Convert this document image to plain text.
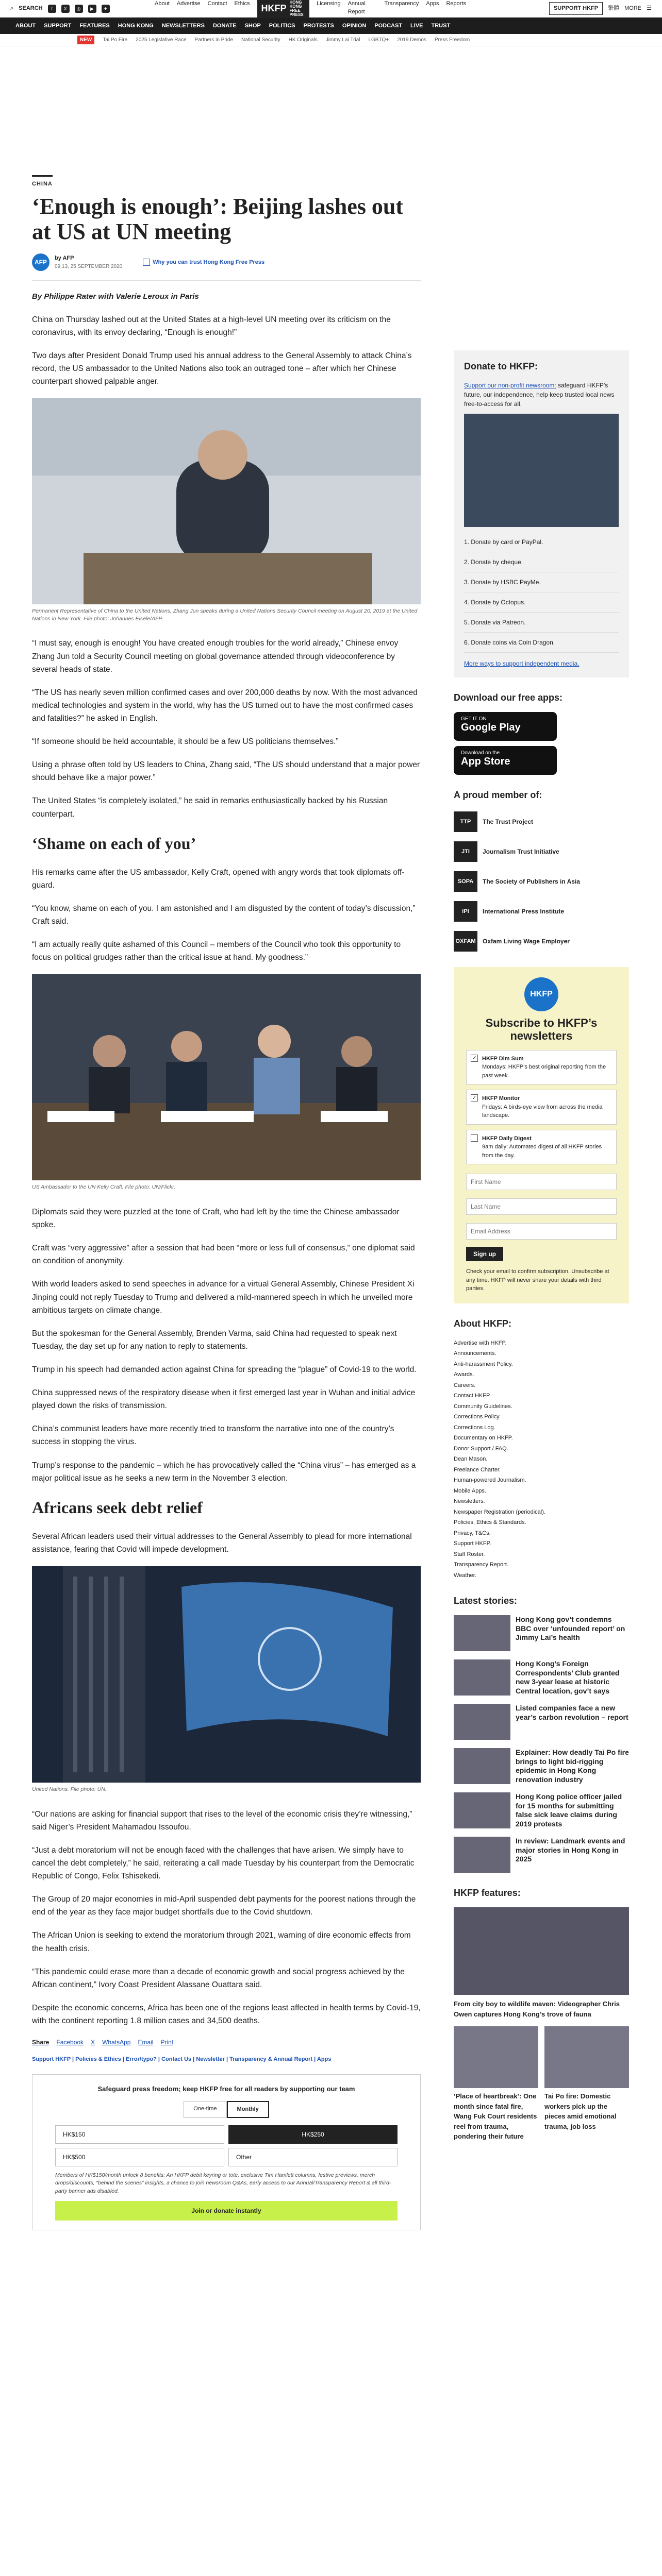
⌕ SEARCH	f	X	◎	▶	✈
About Advertise Contact Ethics HKFP
HONG KONG
FREE PRESS
Licensing Annual Report
Transparency Apps Reports
SUPPORT HKFP	繁體 MORE ☰
ABOUT SUPPORT FEATURES HONG KONG NEWSLETTERS DONATE SHOP POLITICS PROTESTS OPINION PODCAST LIVE TRUST
NEW	Tai Po Fire 2025 Legislative Race Partners in Pride National Security HK Originals Jimmy Lai Trial LGBTQ+ 2019 Demos Press Freedom
CHINA
‘Enough is enough’: Beijing lashes out at US at UN meeting
AFP
by AFP
09:13, 25 SEPTEMBER 2020
Why you can trust Hong Kong Free Press
By Philippe Rater with Valerie Leroux in Paris

China on Thursday lashed out at the United States at a high-level UN meeting over its criticism on the coronavirus, with its envoy declaring, “Enough is enough!”

Two days after President Donald Trump used his annual address to the General Assembly to attack China’s record, the US ambassador to the United Nations also took an outraged tone – after which her Chinese counterpart showed palpable anger.

Permanent Representative of China to the United Nations, Zhang Jun speaks during a United Nations Security Council meeting on August 20, 2019 at the United Nations in New York. File photo: Johannes Eisele/AFP.

“I must say, enough is enough! You have created enough troubles for the world already,” Chinese envoy Zhang Jun told a Security Council meeting on global governance attended through videoconference by several heads of state.

“The US has nearly seven million confirmed cases and over 200,000 deaths by now. With the most advanced medical technologies and system in the world, why has the US turned out to have the most confirmed cases and fatalities?” he asked in English.

“If someone should be held accountable, it should be a few US politicians themselves.”

Using a phrase often told by US leaders to China, Zhang said, “The US should understand that a major power should behave like a major power.”

The United States “is completely isolated,” he said in remarks enthusiastically backed by his Russian counterpart.

‘Shame on each of you’

His remarks came after the US ambassador, Kelly Craft, opened with angry words that took diplomats off-guard.

“You know, shame on each of you. I am astonished and I am disgusted by the content of today’s discussion,” Craft said.

“I am actually really quite ashamed of this Council – members of the Council who took this opportunity to focus on political grudges rather than the critical issue at hand. My goodness.”

US Ambassador to the UN Kelly Craft. File photo: UN/Flickr.

Diplomats said they were puzzled at the tone of Craft, who had left by the time the Chinese ambassador spoke.

Craft was “very aggressive” after a session that had been “more or less full of consensus,” one diplomat said on condition of anonymity.

With world leaders asked to send speeches in advance for a virtual General Assembly, Chinese President Xi Jinping could not reply Tuesday to Trump and delivered a mild-mannered speech in which he unveiled more ambitious targets on climate change.

But the spokesman for the General Assembly, Brenden Varma, said China had requested to speak next Tuesday, the day set up for any nation to reply to statements.

Trump in his speech had demanded action against China for spreading the “plague” of Covid-19 to the world.

China suppressed news of the respiratory disease when it first emerged last year in Wuhan and initial advice played down the risks of transmission.

China’s communist leaders have more recently tried to transform the narrative into one of the country’s success in stopping the virus.

Trump’s response to the pandemic – which he has provocatively called the “China virus” – has emerged as a major political issue as he seeks a new term in the November 3 election.

Africans seek debt relief

Several African leaders used their virtual addresses to the General Assembly to plead for more international assistance, fearing that Covid will impede development.

United Nations. File photo: UN.

“Our nations are asking for financial support that rises to the level of the economic crisis they’re witnessing,” said Niger’s President Mahamadou Issoufou.

“Just a debt moratorium will not be enough faced with the challenges that have arisen. We simply have to cancel the debt completely,” he said, reiterating a call made Tuesday by his counterpart from the Democratic Republic of Congo, Felix Tshisekedi.

The Group of 20 major economies in mid-April suspended debt payments for the poorest nations through the end of the year as they face major budget shortfalls due to the Covid shutdown.

The African Union is seeking to extend the moratorium through 2021, warning of dire economic effects from the health crisis.

“This pandemic could erase more than a decade of economic growth and social progress achieved by the African continent,” Ivory Coast President Alassane Ouattara said.

Despite the economic concerns, Africa has been one of the regions least affected in health terms by Covid-19, with the continent reporting 1.8 million cases and 34,500 deaths.

Share Facebook X WhatsApp Email Print
Support HKFP | Policies & Ethics | Error/typo? | Contact Us | Newsletter | Transparency & Annual Report | Apps
Safeguard press freedom; keep HKFP free for all readers by supporting our team
One-time	Monthly
HK$150	HK$250
HK$500	Other
Members of HK$150/month unlock 8 benefits: An HKFP debit keyring or tote, exclusive Tim Hamlett columns, festive previews, merch drops/discounts, “behind the scenes” insights, a chance to join newsroom Q&As, early access to our Annual/Transparency Report & all third-party banner ads disabled.
Join or donate instantly
Donate to HKFP:
Support our non-profit newsroom: safeguard HKFP’s future, our independence, help keep trusted local news free-to-access for all.
1. Donate by card or PayPal.
2. Donate by cheque.
3. Donate by HSBC PayMe.
4. Donate by Octopus.
5. Donate via Patreon.
6. Donate coins via Coin Dragon.
More ways to support independent media.
Download our free apps:
GET IT ON
Google Play
Download on the
App Store
A proud member of:
TTP	The Trust Project
JTI	Journalism Trust Initiative
SOPA	The Society of Publishers in Asia
IPI	International Press Institute
OXFAM Oxfam Living Wage Employer
HKFP
Subscribe to HKFP’s newsletters
✓ HKFP Dim Sum
Mondays: HKFP’s best original reporting from the past week.
✓ HKFP Monitor
Fridays: A birds-eye view from across the media landscape.
HKFP Daily Digest
9am daily: Automated digest of all HKFP stories from the day.
First Name Last Name Email Address Sign up
Check your email to confirm subscription. Unsubscribe at any time. HKFP will never share your details with third parties.
About HKFP:
Advertise with HKFP.
Announcements.
Anti-harassment Policy.
Awards.
Careers.
Contact HKFP.
Community Guidelines.
Corrections Policy.
Corrections Log.
Documentary on HKFP.
Donor Support / FAQ.
Dean Mason.
Freelance Charter.
Human-powered Journalism.
Mobile Apps.
Newsletters.
Newspaper Registration (periodical).
Policies, Ethics & Standards.
Privacy, T&Cs.
Support HKFP.
Staff Roster.
Transparency Report.
Weather.
Latest stories:
Hong Kong gov’t condemns BBC over ‘unfounded report’ on Jimmy Lai’s health
Hong Kong’s Foreign Correspondents’ Club granted new 3-year lease at historic Central location, gov’t says
Listed companies face a new year’s carbon revolution – report
Explainer: How deadly Tai Po fire brings to light bid-rigging epidemic in Hong Kong renovation industry
Hong Kong police officer jailed for 15 months for submitting false sick leave claims during 2019 protests
In review: Landmark events and major stories in Hong Kong in 2025
HKFP features:
From city boy to wildlife maven: Videographer Chris Owen captures Hong Kong’s trove of fauna
‘Place of heartbreak’: One month since fatal fire, Wang Fuk Court residents reel from trauma, pondering their future
Tai Po fire: Domestic workers pick up the pieces amid emotional trauma, job loss
